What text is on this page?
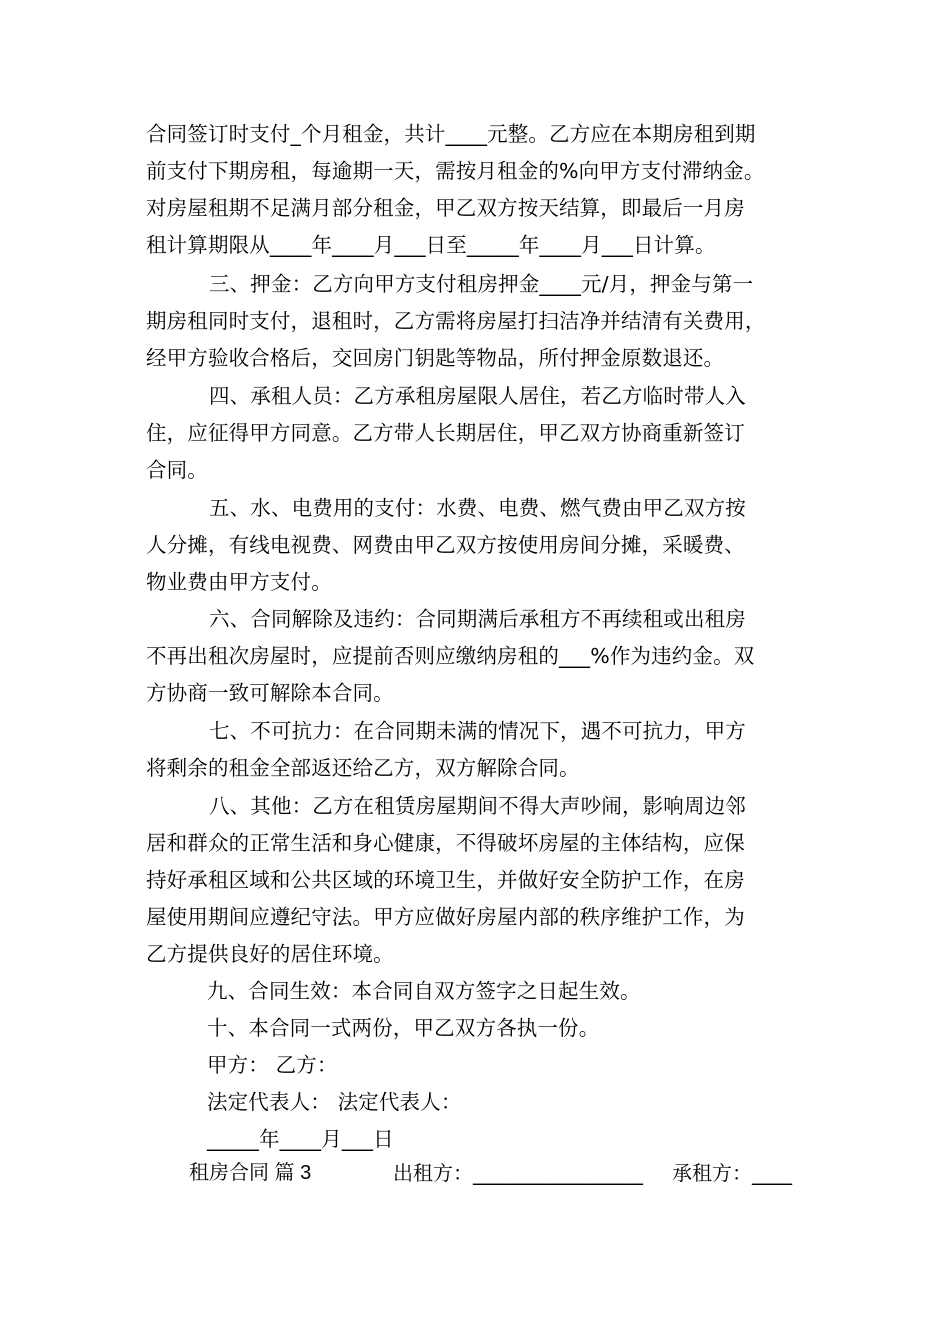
合同签订时支付_个月租金，共计____元整。乙方应在本期房租到期
前支付下期房租，每逾期一天，需按月租金的%向甲方支付滞纳金。
对房屋租期不足满月部分租金，甲乙双方按天结算，即最后一月房
租计算期限从____年____月___日至_____年____月___日计算。
三、押金：乙方向甲方支付租房押金____元/月，押金与第一
期房租同时支付，退租时，乙方需将房屋打扫洁净并结清有关费用，
经甲方验收合格后，交回房门钥匙等物品，所付押金原数退还。
四、承租人员：乙方承租房屋限人居住，若乙方临时带人入
住，应征得甲方同意。乙方带人长期居住，甲乙双方协商重新签订
合同。
五、水、电费用的支付：水费、电费、燃气费由甲乙双方按
人分摊，有线电视费、网费由甲乙双方按使用房间分摊，采暖费、
物业费由甲方支付。
六、合同解除及违约：合同期满后承租方不再续租或出租房
不再出租次房屋时，应提前否则应缴纳房租的___%作为违约金。双
方协商一致可解除本合同。
七、不可抗力：在合同期未满的情况下，遇不可抗力，甲方
将剩余的租金全部返还给乙方，双方解除合同。
八、其他：乙方在租赁房屋期间不得大声吵闹，影响周边邻
居和群众的正常生活和身心健康，不得破坏房屋的主体结构，应保
持好承租区域和公共区域的环境卫生，并做好安全防护工作，在房
屋使用期间应遵纪守法。甲方应做好房屋内部的秩序维护工作，为
乙方提供良好的居住环境。
九、合同生效：本合同自双方签字之日起生效。
十、本合同一式两份，甲乙双方各执一份。
甲方： 乙方：
法定代表人： 法定代表人：
_____年____月___日
租房合同 篇 3	出租方：_________________ 承租方：____
